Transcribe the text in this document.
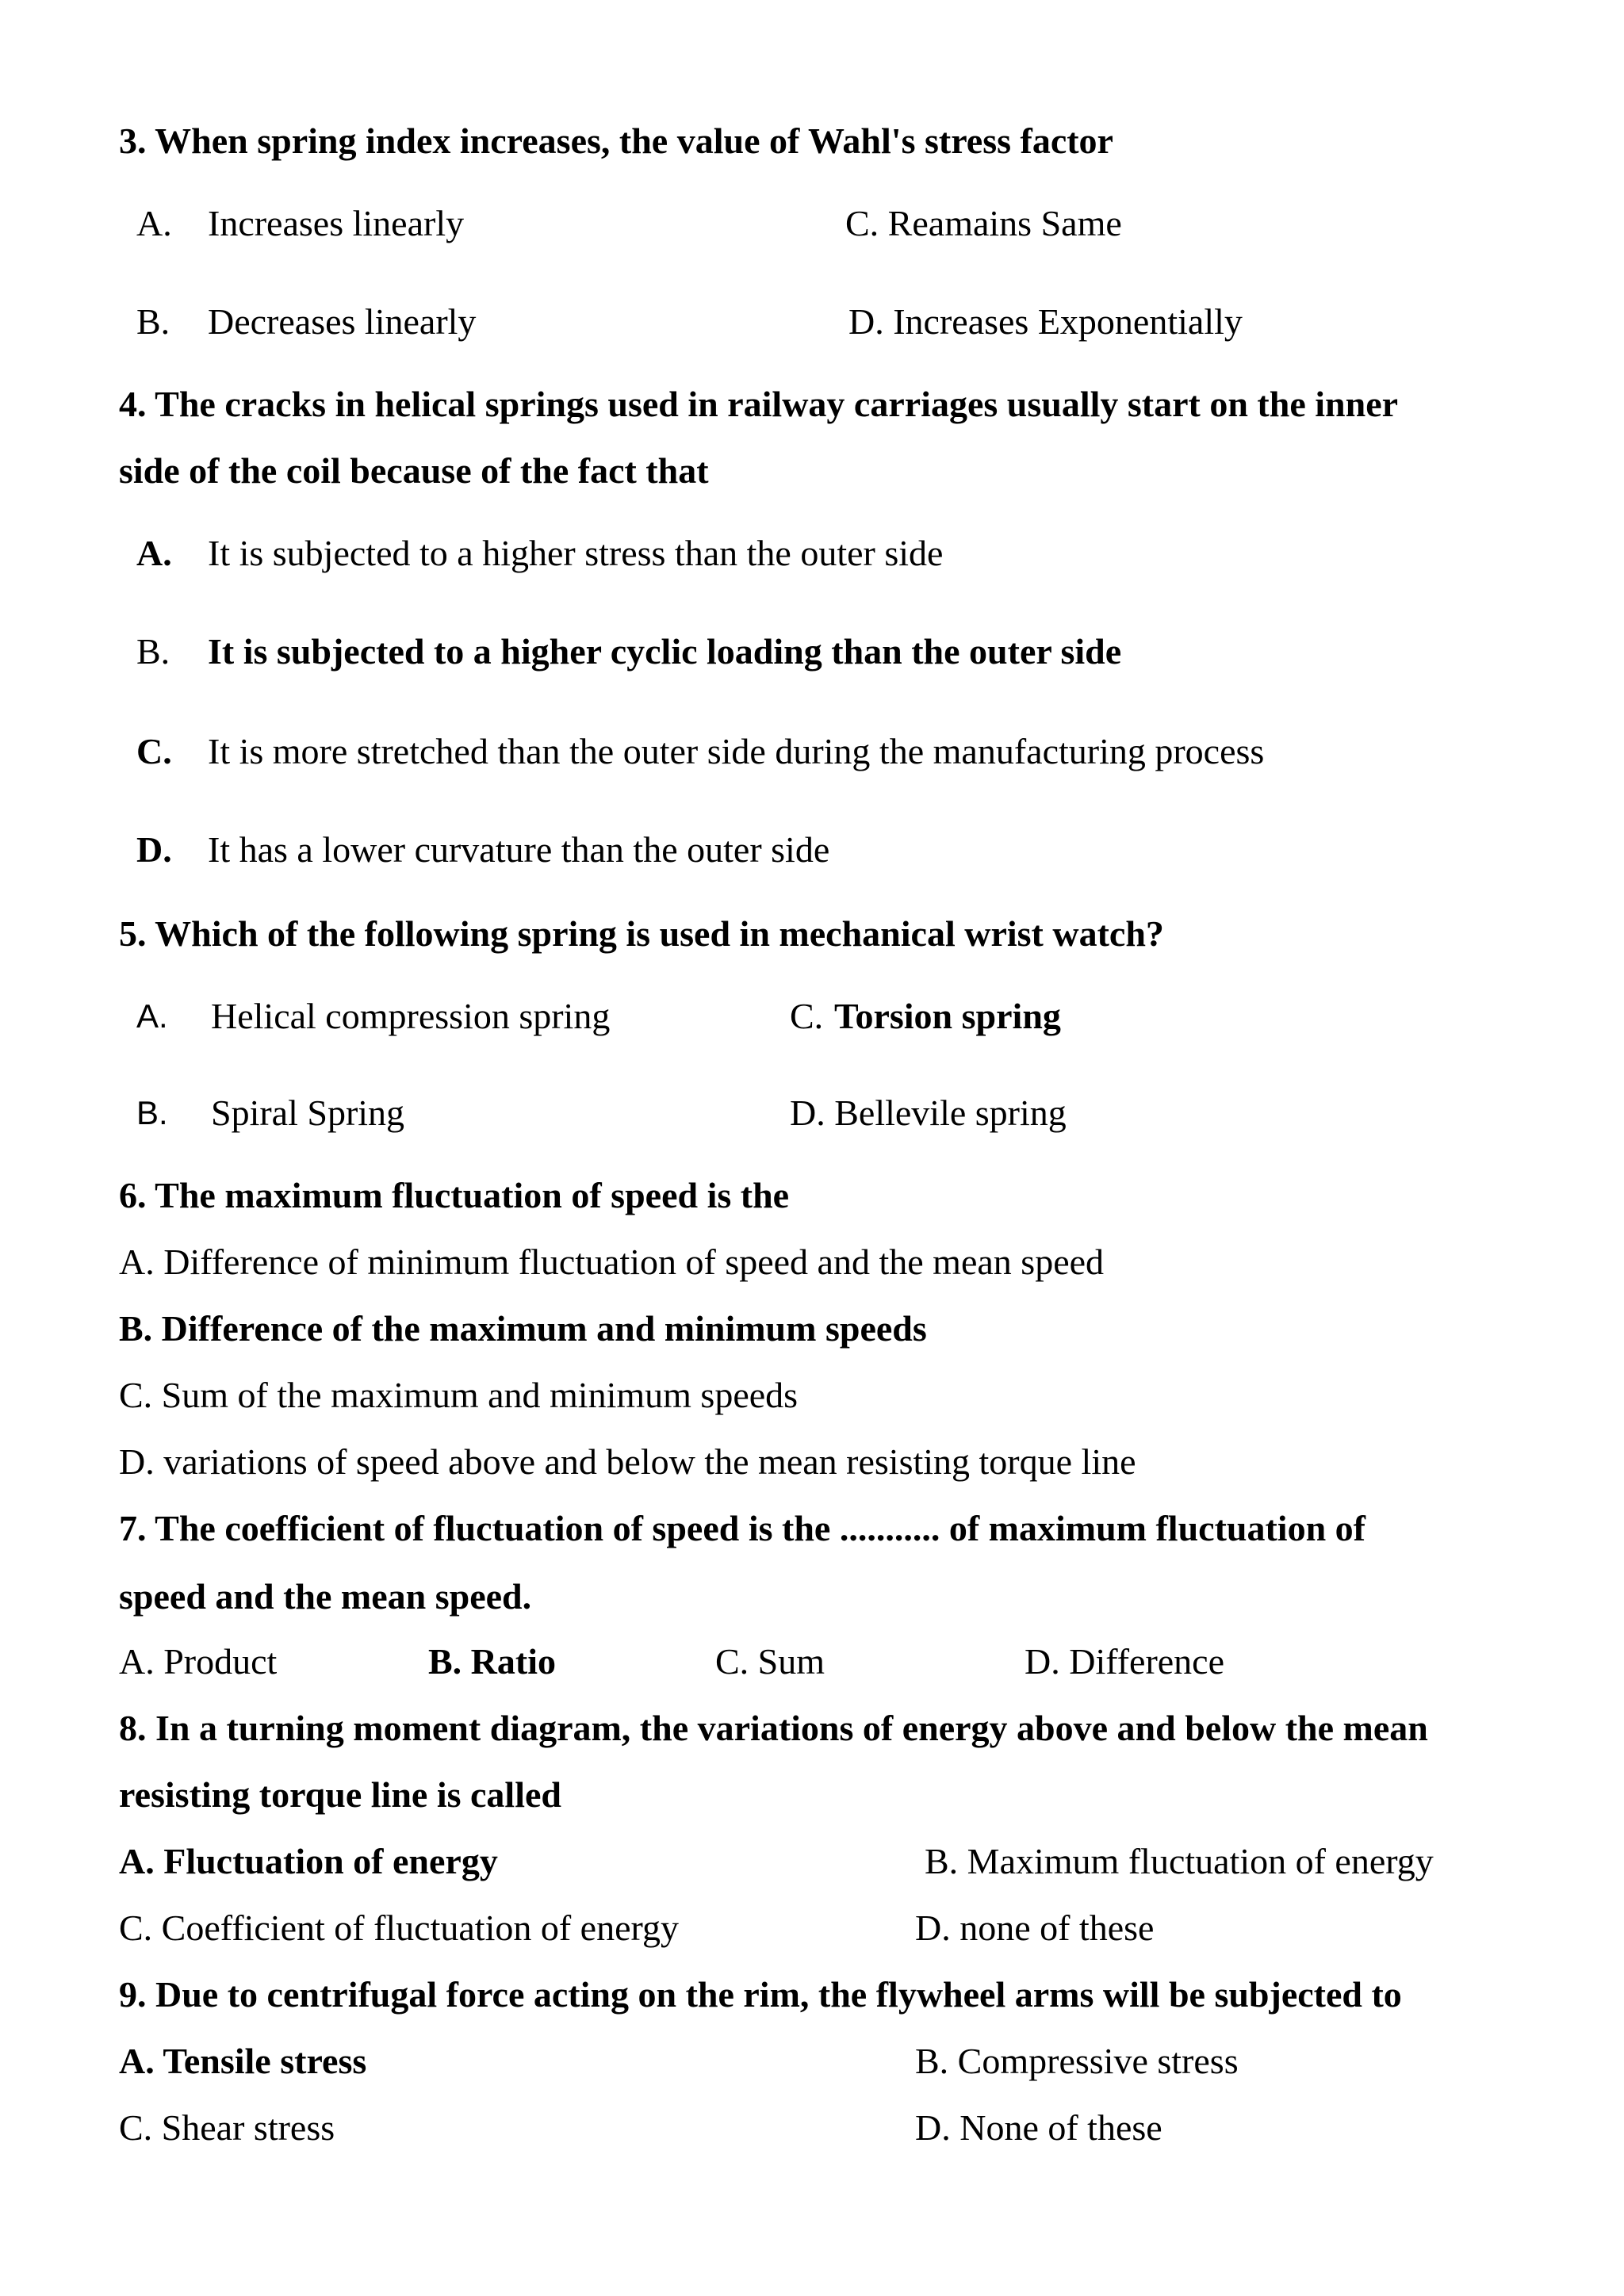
3. When spring index increases, the value of Wahl's stress factor
A. Increases linearly	C. Reamains Same
B. Decreases linearly	D. Increases Exponentially
4. The cracks in helical springs used in railway carriages usually start on the inner
side of the coil because of the fact that
A. It is subjected to a higher stress than the outer side
B. It is subjected to a higher cyclic loading than the outer side
C. It is more stretched than the outer side during the manufacturing process
D. It has a lower curvature than the outer side
5. Which of the following spring is used in mechanical wrist watch?
A. Helical compression spring	C. Torsion spring
B. Spiral Spring	D. Bellevile spring
6. The maximum fluctuation of speed is the
A. Difference of minimum fluctuation of speed and the mean speed
B. Difference of the maximum and minimum speeds
C. Sum of the maximum and minimum speeds
D. variations of speed above and below the mean resisting torque line
7. The coefficient of fluctuation of speed is the ........... of maximum fluctuation of
speed and the mean speed.
A. Product	B. Ratio	C. Sum	D. Difference
8. In a turning moment diagram, the variations of energy above and below the mean
resisting torque line is called
A. Fluctuation of energy	B. Maximum fluctuation of energy
C. Coefficient of fluctuation of energy	D. none of these
9. Due to centrifugal force acting on the rim, the flywheel arms will be subjected to
A. Tensile stress	B. Compressive stress
C. Shear stress	D. None of these
